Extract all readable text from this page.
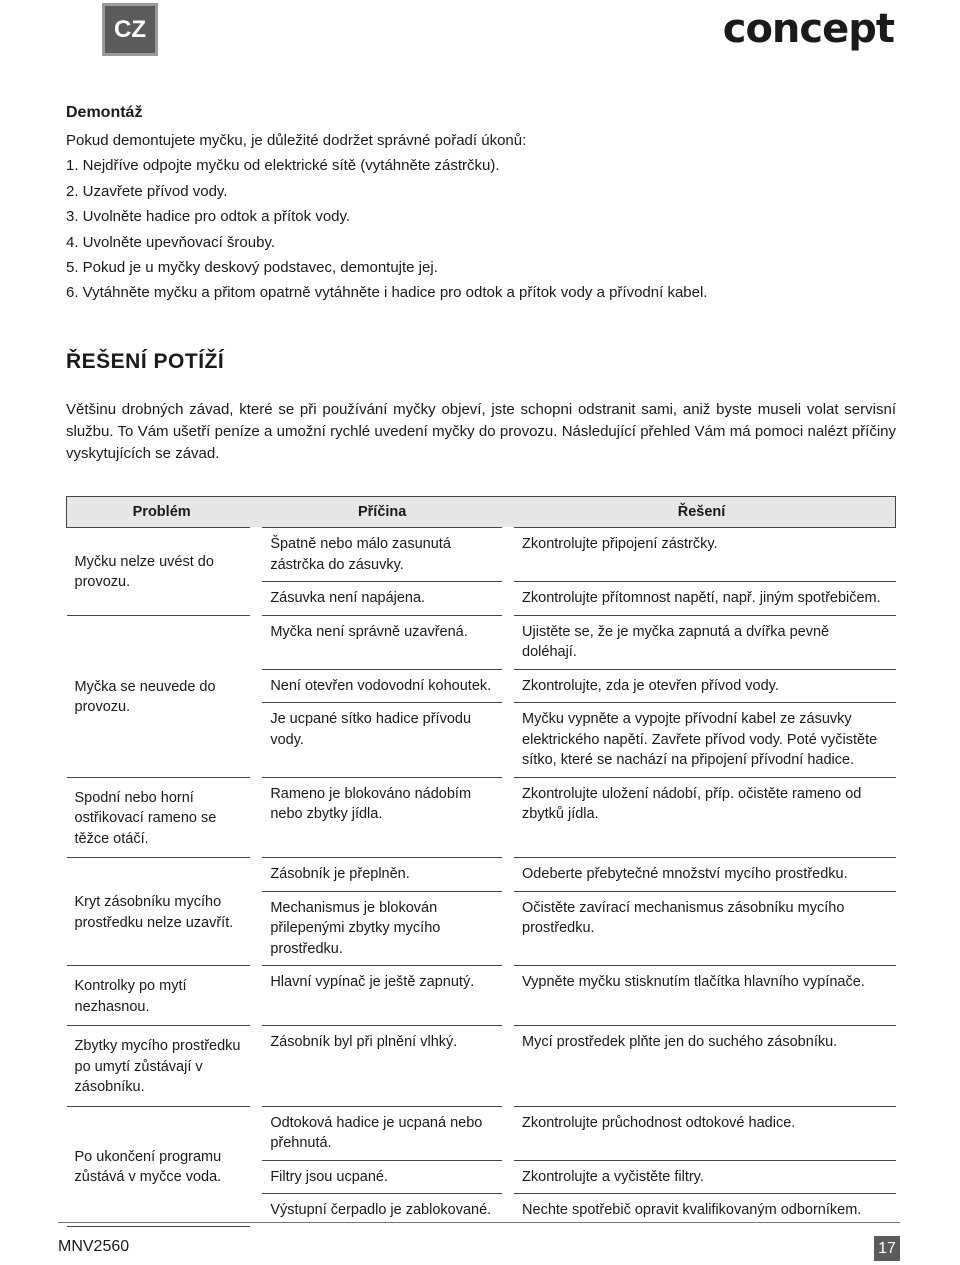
CZ	concept
Demontáž

Pokud demontujete myčku, je důležité dodržet správné pořadí úkonů:

1. Nejdříve odpojte myčku od elektrické sítě (vytáhněte zástrčku).

2. Uzavřete přívod vody.

3. Uvolněte hadice pro odtok a přítok vody.

4. Uvolněte upevňovací šrouby.

5. Pokud je u myčky deskový podstavec, demontujte jej.

6. Vytáhněte myčku a přitom opatrně vytáhněte i hadice pro odtok a přítok vody a přívodní kabel.

ŘEŠENÍ POTÍŽÍ

Většinu drobných závad, které se při používání myčky objeví, jste schopni odstranit sami, aniž byste museli volat servisní službu. To Vám ušetří peníze a umožní rychlé uvedení myčky do provozu. Následující přehled Vám má pomoci nalézt příčiny vyskytujících se závad.

Problém	Příčina	Řešení
Myčku nelze uvést do provozu.	Špatně nebo málo zasunutá zástrčka do zásuvky.	Zkontrolujte připojení zástrčky.
	Zásuvka není napájena.	Zkontrolujte přítomnost napětí, např. jiným spotřebičem.
Myčka se neuvede do provozu.	Myčka není správně uzavřená.	Ujistěte se, že je myčka zapnutá a dvířka pevně doléhají.
	Není otevřen vodovodní kohoutek.	Zkontrolujte, zda je otevřen přívod vody.
	Je ucpané sítko hadice přívodu vody.	Myčku vypněte a vypojte přívodní kabel ze zásuvky elektrického napětí. Zavřete přívod vody. Poté vyčistěte sítko, které se nachází na připojení přívodní hadice.
Spodní nebo horní ostřikovací rameno se těžce otáčí.	Rameno je blokováno nádobím nebo zbytky jídla.	Zkontrolujte uložení nádobí, příp. očistěte rameno od zbytků jídla.
Kryt zásobníku mycího prostředku nelze uzavřít.	Zásobník je přeplněn.	Odeberte přebytečné množství mycího prostředku.
	Mechanismus je blokován přilepenými zbytky mycího prostředku.	Očistěte zavírací mechanismus zásobníku mycího prostředku.
Kontrolky po mytí nezhasnou.	Hlavní vypínač je ještě zapnutý.	Vypněte myčku stisknutím tlačítka hlavního vypínače.
Zbytky mycího prostředku po umytí zůstávají v zásobníku.	Zásobník byl při plnění vlhký.	Mycí prostředek plňte jen do suchého zásobníku.
Po ukončení programu zůstává v myčce voda.	Odtoková hadice je ucpaná nebo přehnutá.	Zkontrolujte průchodnost odtokové hadice.
	Filtry jsou ucpané.	Zkontrolujte a vyčistěte filtry.
	Výstupní čerpadlo je zablokované.	Nechte spotřebič opravit kvalifikovaným odborníkem.
MNV2560	17
